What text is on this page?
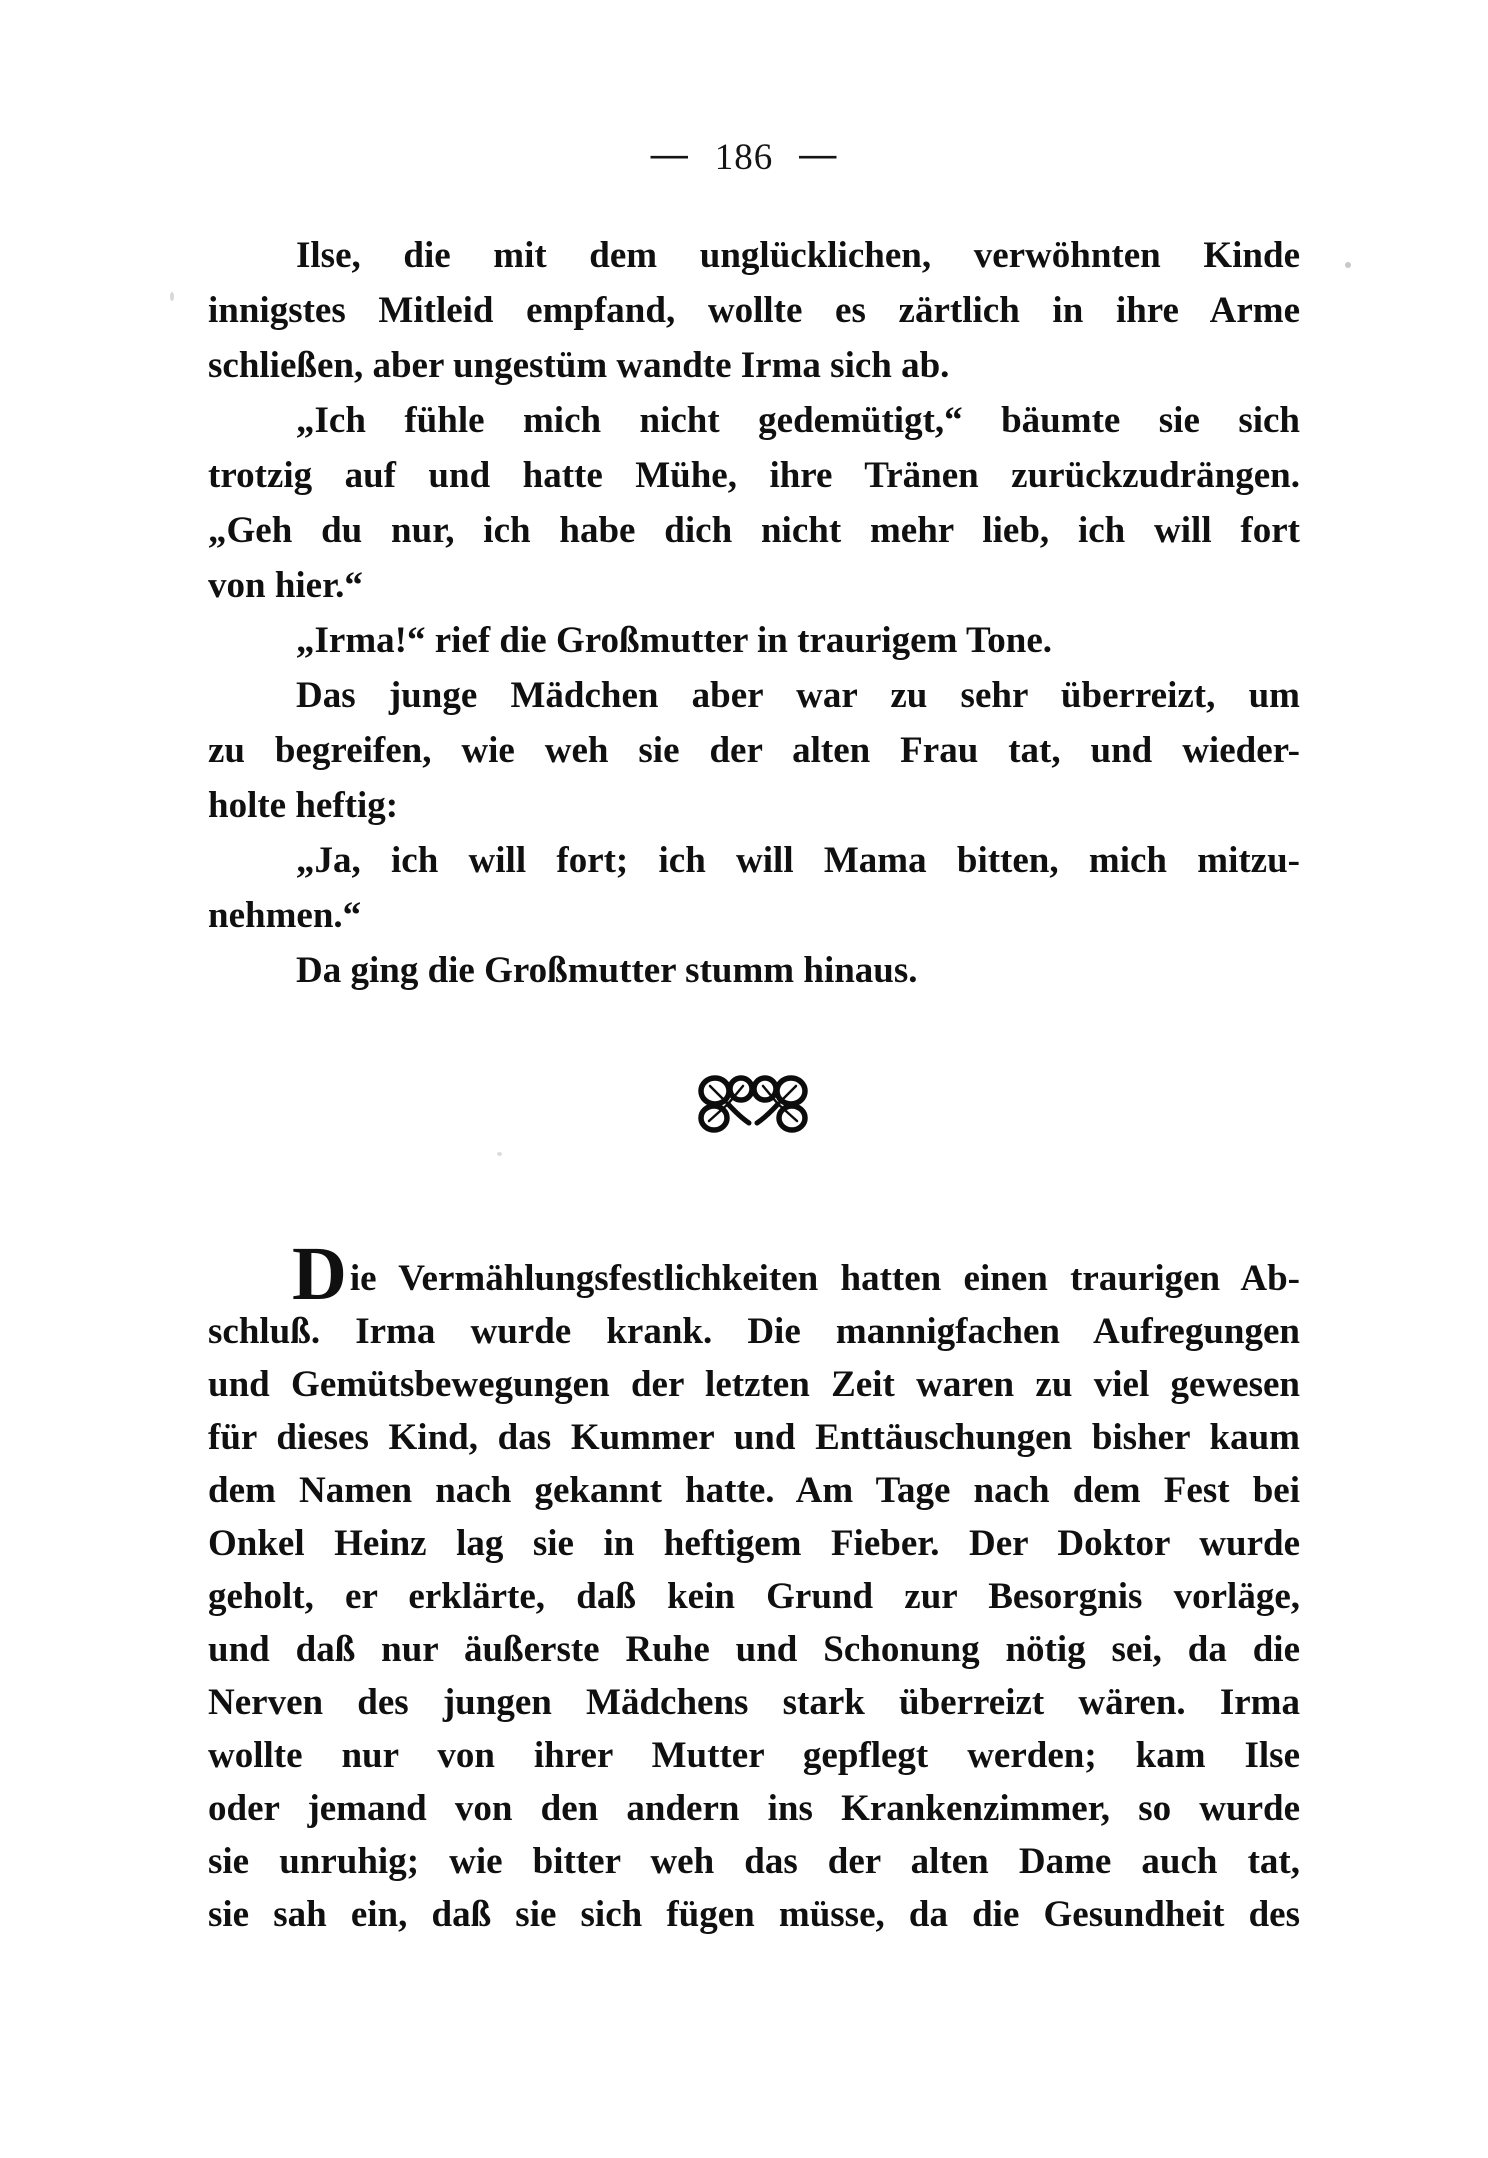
— 186 —
Ilse, die mit dem unglücklichen, verwöhnten Kinde
innigstes Mitleid empfand, wollte es zärtlich in ihre Arme
schließen, aber ungestüm wandte Irma sich ab.
„Ich fühle mich nicht gedemütigt,“ bäumte sie sich
trotzig auf und hatte Mühe, ihre Tränen zurückzudrängen.
„Geh du nur, ich habe dich nicht mehr lieb, ich will fort
von hier.“
„Irma!“ rief die Großmutter in traurigem Tone.
Das junge Mädchen aber war zu sehr überreizt, um
zu begreifen, wie weh sie der alten Frau tat, und wieder-
holte heftig:
„Ja, ich will fort; ich will Mama bitten, mich mitzu-
nehmen.“
Da ging die Großmutter stumm hinaus.
Die Vermählungsfestlichkeiten hatten einen traurigen Ab-
schluß. Irma wurde krank. Die mannigfachen Aufregungen
und Gemütsbewegungen der letzten Zeit waren zu viel gewesen
für dieses Kind, das Kummer und Enttäuschungen bisher kaum
dem Namen nach gekannt hatte. Am Tage nach dem Fest bei
Onkel Heinz lag sie in heftigem Fieber. Der Doktor wurde
geholt, er erklärte, daß kein Grund zur Besorgnis vorläge,
und daß nur äußerste Ruhe und Schonung nötig sei, da die
Nerven des jungen Mädchens stark überreizt wären. Irma
wollte nur von ihrer Mutter gepflegt werden; kam Ilse
oder jemand von den andern ins Krankenzimmer, so wurde
sie unruhig; wie bitter weh das der alten Dame auch tat,
sie sah ein, daß sie sich fügen müsse, da die Gesundheit des
